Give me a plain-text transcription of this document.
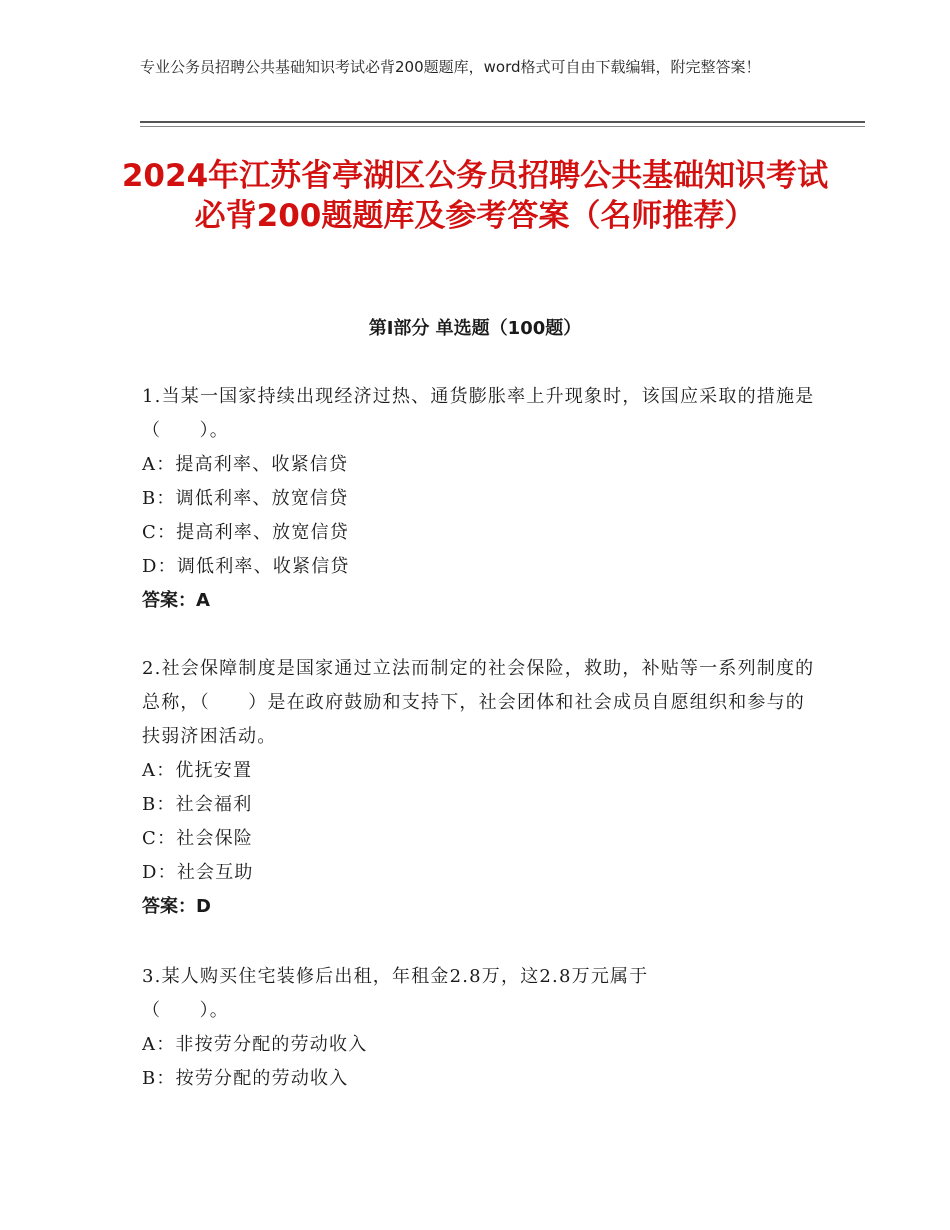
专业公务员招聘公共基础知识考试必背200题题库，word格式可自由下载编辑，附完整答案！
2024年江苏省亭湖区公务员招聘公共基础知识考试必背200题题库及参考答案（名师推荐）
第Ⅰ部分 单选题（100题）

1.当某一国家持续出现经济过热、通货膨胀率上升现象时，该国应采取的措施是（　　）。

A：提高利率、收紧信贷

B：调低利率、放宽信贷

C：提高利率、放宽信贷

D：调低利率、收紧信贷

答案：A

2.社会保障制度是国家通过立法而制定的社会保险，救助，补贴等一系列制度的总称，（　　）是在政府鼓励和支持下，社会团体和社会成员自愿组织和参与的扶弱济困活动。

A：优抚安置

B：社会福利

C：社会保险

D：社会互助

答案：D

3.某人购买住宅装修后出租，年租金2.8万，这2.8万元属于

（　　）。

A：非按劳分配的劳动收入

B：按劳分配的劳动收入
